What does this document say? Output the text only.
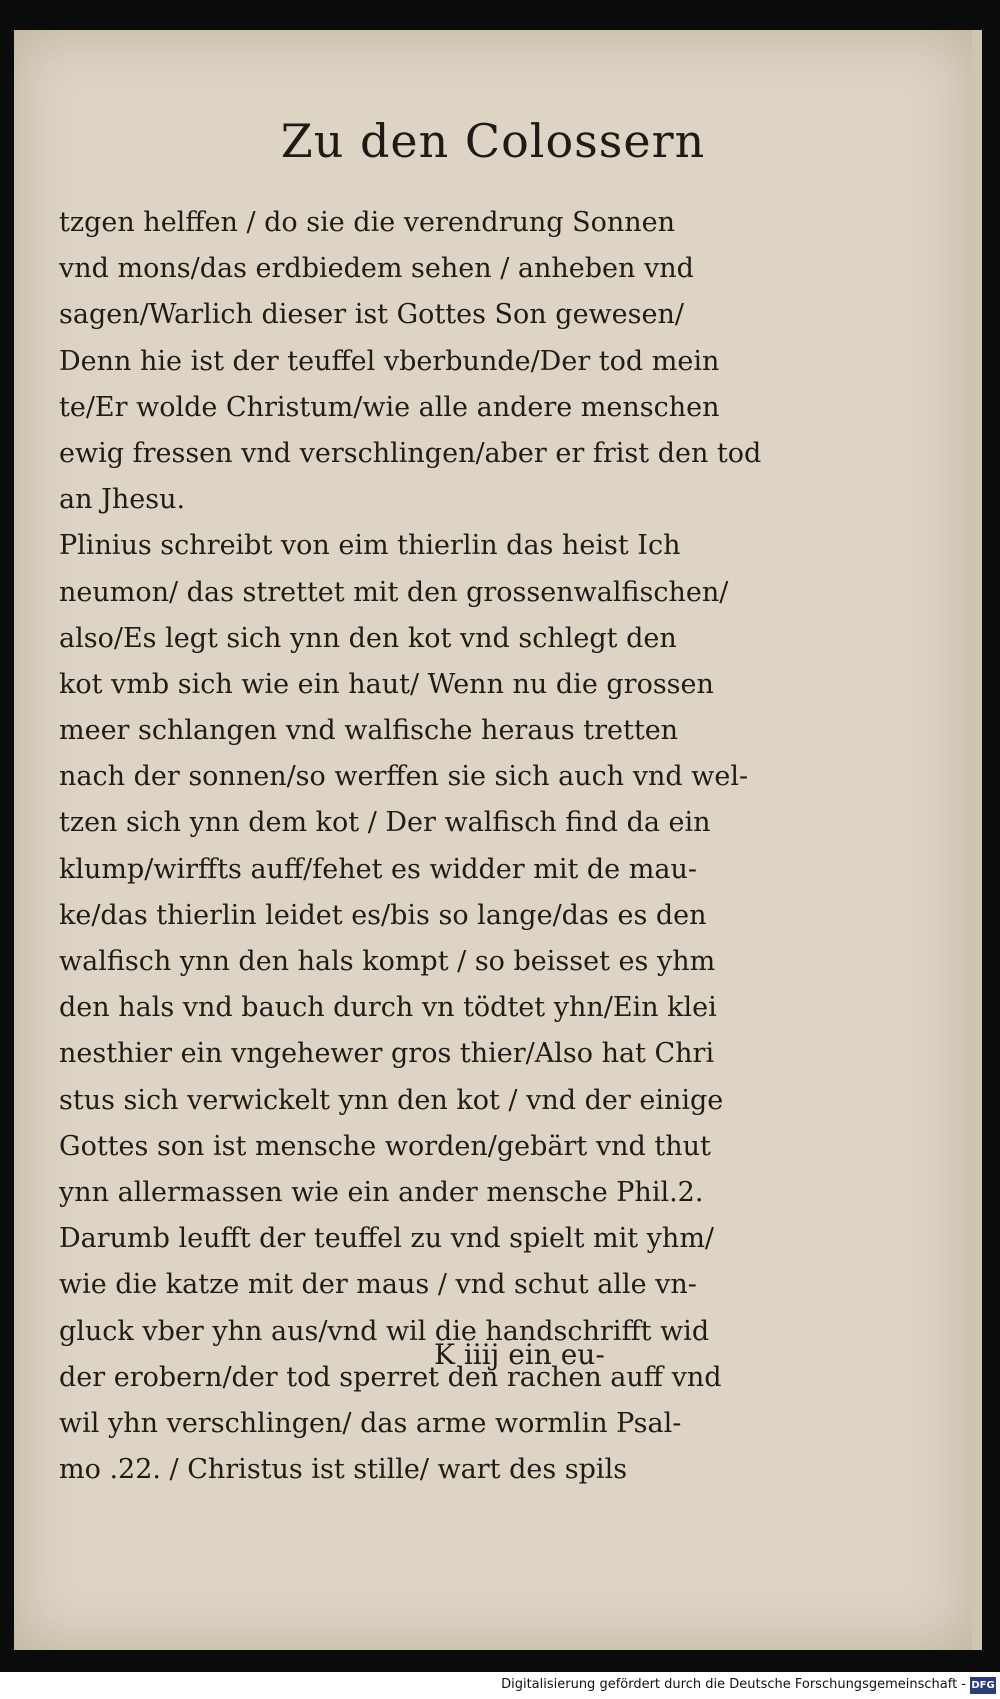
Zu den Colossern
tzgen helffen / do sie die verendrung Sonnen
vnd mons/das erdbiedem sehen / anheben vnd
sagen/Warlich dieser ist Gottes Son gewesen/
Denn hie ist der teuffel vberbunde/Der tod mein
te/Er wolde Christum/wie alle andere menschen
ewig fressen vnd verschlingen/aber er frist den tod
an Jhesu.
Plinius schreibt von eim thierlin das heist Ich
neumon/ das strettet mit den grossenwalfischen/
also/Es legt sich ynn den kot vnd schlegt den
kot vmb sich wie ein haut/ Wenn nu die grossen
meer schlangen vnd walfische heraus tretten
nach der sonnen/so werffen sie sich auch vnd wel-
tzen sich ynn dem kot / Der walfisch find da ein
klump/wirffts auff/fehet es widder mit de mau-
ke/das thierlin leidet es/bis so lange/das es den
walfisch ynn den hals kompt / so beisset es yhm
den hals vnd bauch durch vn tödtet yhn/Ein klei
nesthier ein vngehewer gros thier/Also hat Chri
stus sich verwickelt ynn den kot / vnd der einige
Gottes son ist mensche worden/gebärt vnd thut
ynn allermassen wie ein ander mensche Phil.2.
Darumb leufft der teuffel zu vnd spielt mit yhm/
wie die katze mit der maus / vnd schut alle vn-
gluck vber yhn aus/vnd wil die handschrifft wid
der erobern/der tod sperret den rachen auff vnd
wil yhn verschlingen/ das arme wormlin Psal-
mo .22. / Christus ist stille/ wart des spils
K iiij ein eu-
Digitalisierung gefördert durch die Deutsche Forschungsgemeinschaft - DFG
